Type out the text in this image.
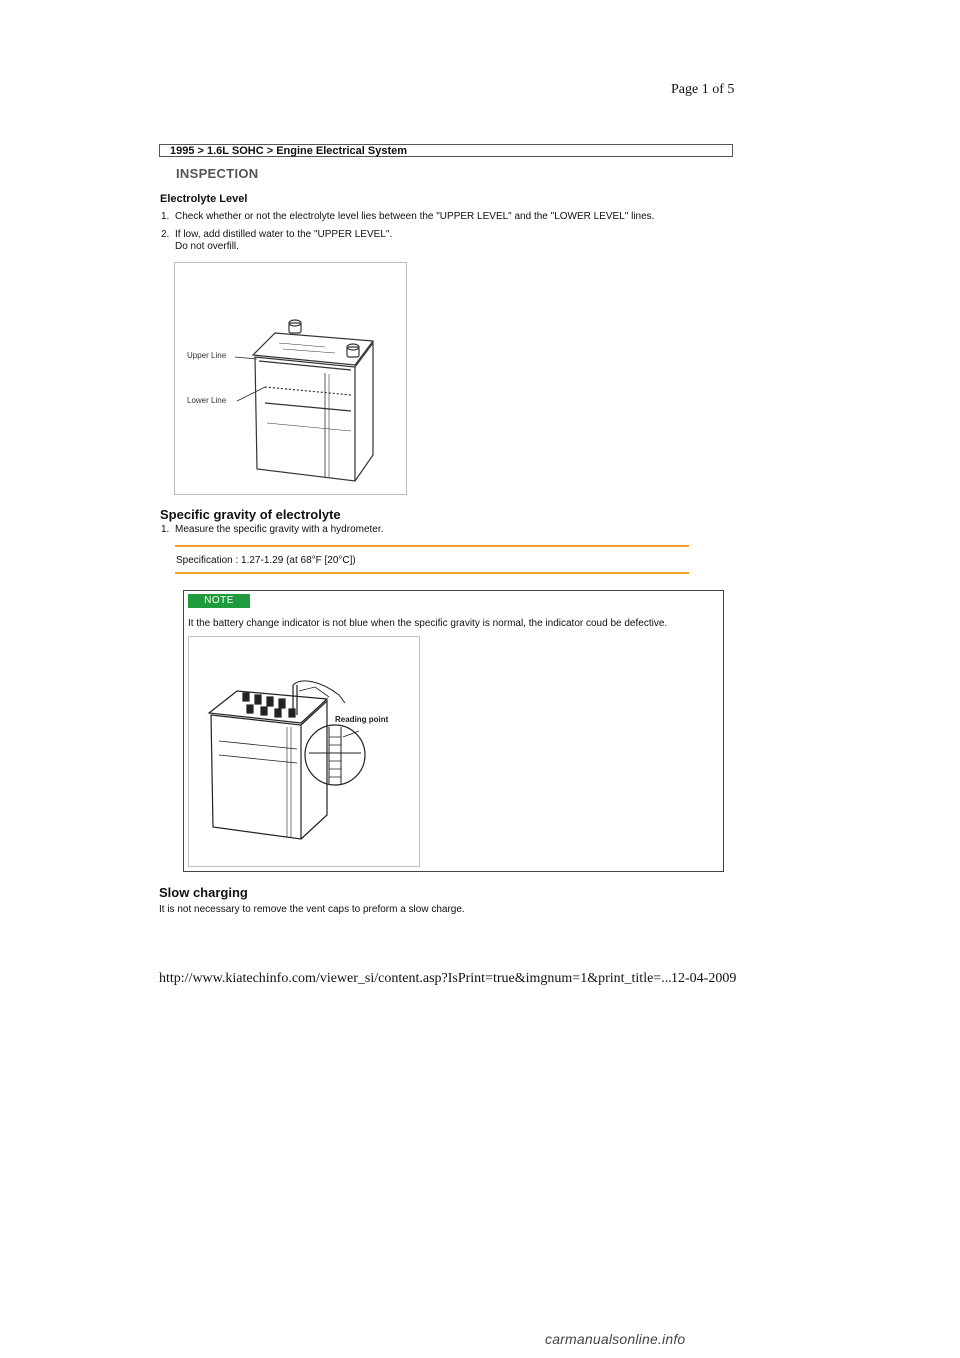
Page 1 of 5
1995 > 1.6L SOHC > Engine Electrical System
INSPECTION
Electrolyte Level
1. Check whether or not the electrolyte level lies between the "UPPER LEVEL" and the "LOWER LEVEL" lines.
2. If low, add distilled water to the "UPPER LEVEL".
Do not overfill.
Upper Line
Lower Line
Specific gravity of electrolyte
1. Measure the specific gravity with a hydrometer.
Specification : 1.27-1.29 (at 68°F [20°C])
NOTE
It the battery change indicator is not blue when the specific gravity is normal, the indicator coud be defective.
Reading point
Slow charging
It is not necessary to remove the vent caps to preform a slow charge.
http://www.kiatechinfo.com/viewer_si/content.asp?IsPrint=true&imgnum=1&print_title=... 12-04-2009
carmanualsonline.info
